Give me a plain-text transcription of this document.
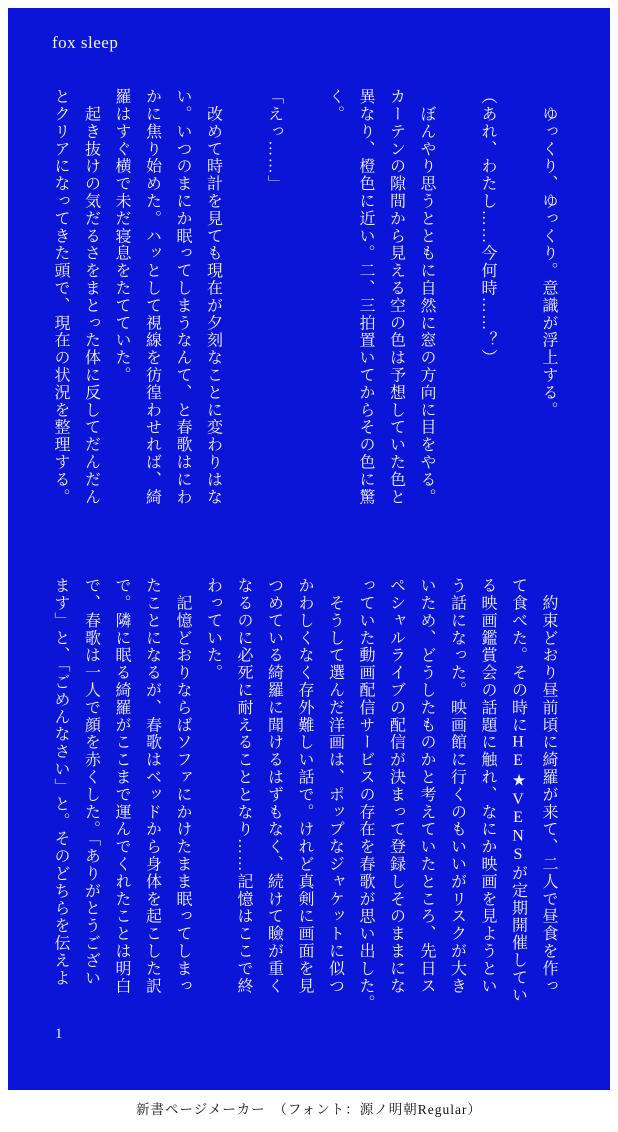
fox sleep
　ゆっくり、ゆっくり。意識が浮上する。

（あれ、わたし……今何時……？）

　ぼんやり思うとともに自然に窓の方向に目をやる。
カーテンの隙間から見える空の色は予想していた色と
異なり、橙色に近い。二、三拍置いてからその色に驚
く。

「えっ……」

　改めて時計を見ても現在が夕刻なことに変わりはな
い。いつのまにか眠ってしまうなんて、と春歌はにわ
かに焦り始めた。ハッとして視線を彷徨わせれば、綺
羅はすぐ横で未だ寝息をたてていた。
　起き抜けの気だるさをまとった体に反してだんだん
とクリアになってきた頭で、現在の状況を整理する。
　約束どおり昼前頃に綺羅が来て、二人で昼食を作っ
て食べた。その時にHE★VENSが定期開催してい
る映画鑑賞会の話題に触れ、なにか映画を見ようとい
う話になった。映画館に行くのもいいがリスクが大き
いため、どうしたものかと考えていたところ、先日ス
ペシャルライブの配信が決まって登録しそのままにな
っていた動画配信サービスの存在を春歌が思い出した。
　そうして選んだ洋画は、ポップなジャケットに似つ
かわしくなく存外難しい話で。けれど真剣に画面を見
つめている綺羅に聞けるはずもなく、続けて瞼が重く
なるのに必死に耐えることとなり……記憶はここで終
わっていた。
　記憶どおりならばソファにかけたまま眠ってしまっ
たことになるが、春歌はベッドから身体を起こした訳
で。隣に眠る綺羅がここまで運んでくれたことは明白
で、春歌は一人で顔を赤くした。「ありがとうござい
ます」と、「ごめんなさい」と。そのどちらを伝えよ
1
新書ページメーカー　（フォント：源ノ明朝Regular）
